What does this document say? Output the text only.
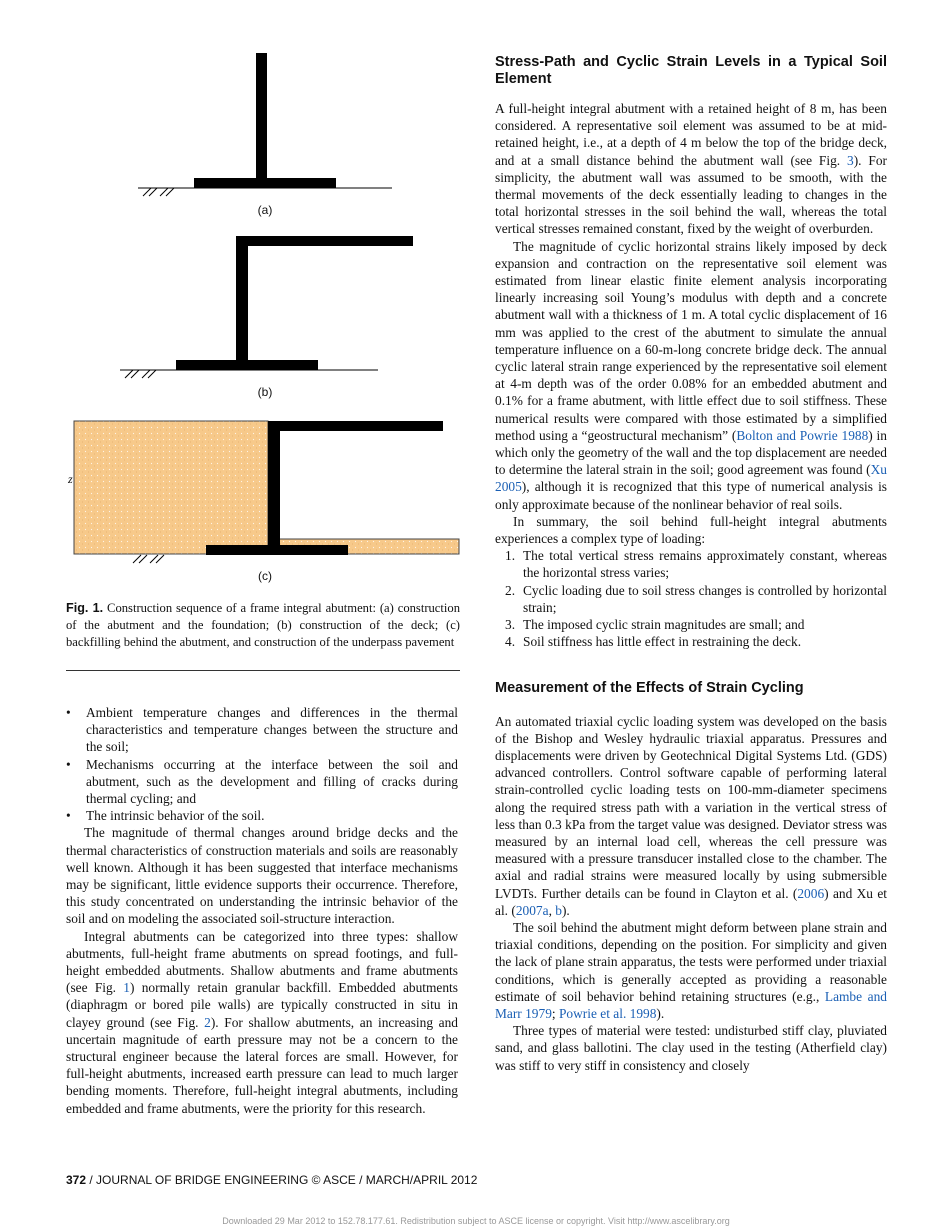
z
(a)
(b)
(c)
Fig. 1. Construction sequence of a frame integral abutment: (a) construction of the abutment and the foundation; (b) construction of the deck; (c) backfilling behind the abutment, and construction of the underpass pavement
• Ambient temperature changes and differences in the thermal characteristics and temperature changes between the structure and the soil;
• Mechanisms occurring at the interface between the soil and abutment, such as the development and filling of cracks during thermal cycling; and
• The intrinsic behavior of the soil.

The magnitude of thermal changes around bridge decks and the thermal characteristics of construction materials and soils are reasonably well known. Although it has been suggested that interface mechanisms may be significant, little evidence supports their occurrence. Therefore, this study concentrated on understanding the intrinsic behavior of the soil and on modeling the associated soil-structure interaction.

Integral abutments can be categorized into three types: shallow abutments, full-height frame abutments on spread footings, and full-height embedded abutments. Shallow abutments and frame abutments (see Fig. 1) normally retain granular backfill. Embedded abutments (diaphragm or bored pile walls) are typically constructed in situ in clayey ground (see Fig. 2). For shallow abutments, an increasing and uncertain magnitude of earth pressure may not be a concern to the structural engineer because the lateral forces are small. However, for full-height abutments, increased earth pressure can lead to much larger bending moments. Therefore, full-height integral abutments, including embedded and frame abutments, were the priority for this research.

Stress-Path and Cyclic Strain Levels in a Typical Soil Element

A full-height integral abutment with a retained height of 8 m, has been considered. A representative soil element was assumed to be at mid-retained height, i.e., at a depth of 4 m below the top of the bridge deck, and at a small distance behind the abutment wall (see Fig. 3). For simplicity, the abutment wall was assumed to be smooth, with the thermal movements of the deck essentially leading to changes in the total horizontal stresses in the soil behind the wall, whereas the total vertical stresses remained constant, fixed by the weight of overburden.

The magnitude of cyclic horizontal strains likely imposed by deck expansion and contraction on the representative soil element was estimated from linear elastic finite element analysis incorporating linearly increasing soil Young’s modulus with depth and a concrete abutment wall with a thickness of 1 m. A total cyclic displacement of 16 mm was applied to the crest of the abutment to simulate the annual temperature influence on a 60-m-long concrete bridge deck. The annual cyclic lateral strain range experienced by the representative soil element at 4-m depth was of the order 0.08% for an embedded abutment and 0.1% for a frame abutment, with little effect due to soil stiffness. These numerical results were compared with those estimated by a simplified method using a “geostructural mechanism” (Bolton and Powrie 1988) in which only the geometry of the wall and the top displacement are needed to determine the lateral strain in the soil; good agreement was found (Xu 2005), although it is recognized that this type of numerical analysis is only approximate because of the nonlinear behavior of real soils.

In summary, the soil behind full-height integral abutments experiences a complex type of loading:

1. The total vertical stress remains approximately constant, whereas the horizontal stress varies;
2. Cyclic loading due to soil stress changes is controlled by horizontal strain;
3. The imposed cyclic strain magnitudes are small; and
4. Soil stiffness has little effect in restraining the deck.
Measurement of the Effects of Strain Cycling

An automated triaxial cyclic loading system was developed on the basis of the Bishop and Wesley hydraulic triaxial apparatus. Pressures and displacements were driven by Geotechnical Digital Systems Ltd. (GDS) advanced controllers. Control software capable of performing lateral strain-controlled cyclic loading tests on 100-mm-diameter specimens along the required stress path with a variation in the vertical stress of less than 0.3 kPa from the target value was designed. Deviator stress was measured by an internal load cell, whereas the cell pressure was measured with a pressure transducer installed close to the chamber. The axial and radial strains were measured locally by using submersible LVDTs. Further details can be found in Clayton et al. (2006) and Xu et al. (2007a, b).

The soil behind the abutment might deform between plane strain and triaxial conditions, depending on the position. For simplicity and given the lack of plane strain apparatus, the tests were performed under triaxial conditions, which is generally accepted as providing a reasonable estimate of soil behavior behind retaining structures (e.g., Lambe and Marr 1979; Powrie et al. 1998).

Three types of material were tested: undisturbed stiff clay, pluviated sand, and glass ballotini. The clay used in the testing (Atherfield clay) was stiff to very stiff in consistency and closely

372 / JOURNAL OF BRIDGE ENGINEERING © ASCE / MARCH/APRIL 2012
Downloaded 29 Mar 2012 to 152.78.177.61. Redistribution subject to ASCE license or copyright. Visit http://www.ascelibrary.org
